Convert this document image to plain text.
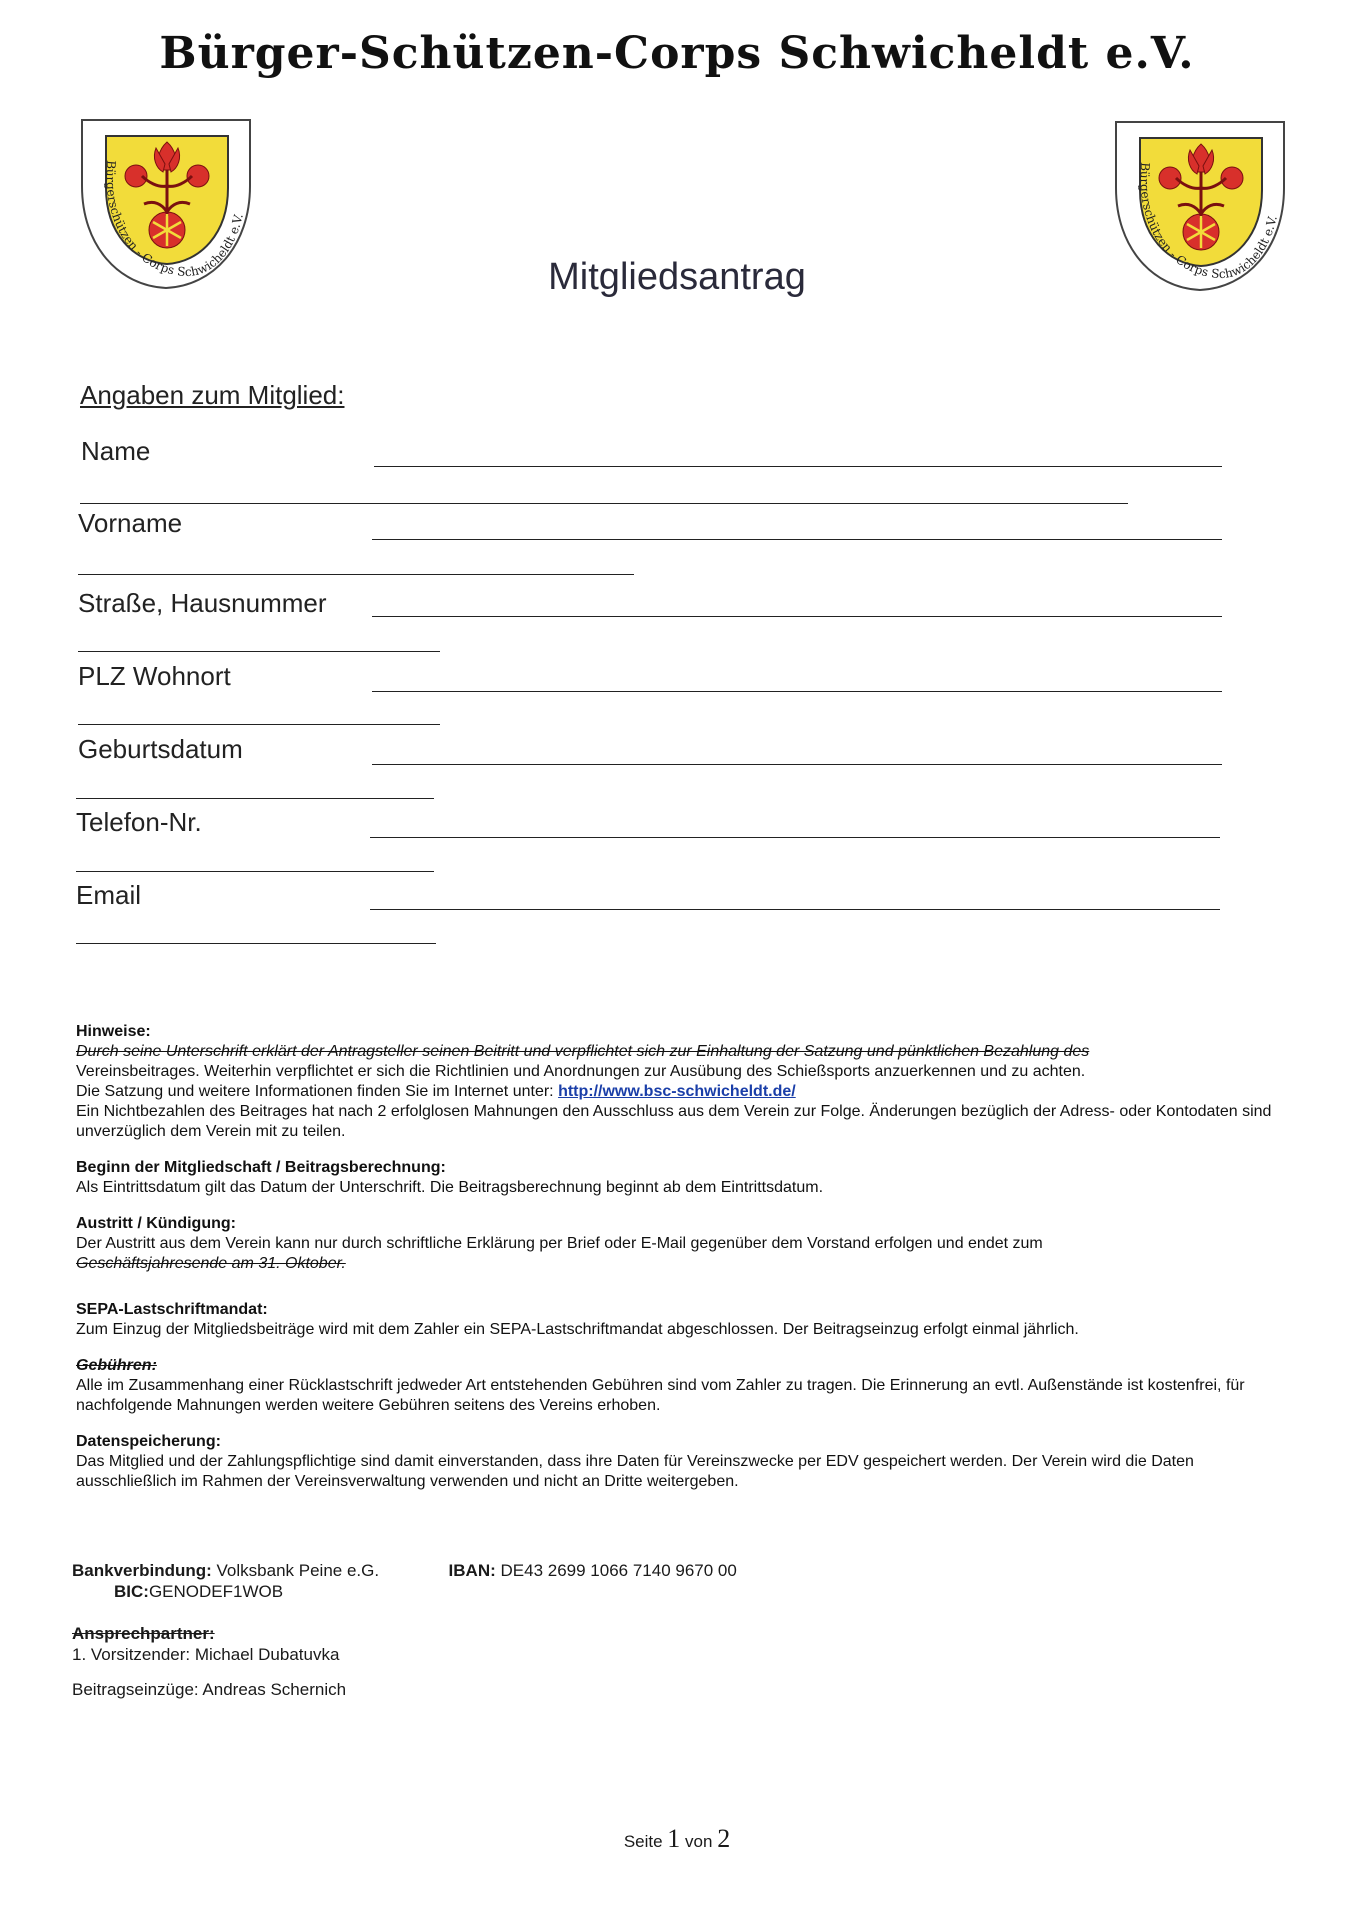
Bürger-Schützen-Corps Schwicheldt e.V.
Bürgerschützen - Corps Schwicheldt e.V.
Bürgerschützen - Corps Schwicheldt e.V.
Mitgliedsantrag
Angaben zum Mitglied:
Name
Vorname
Straße, Hausnummer
PLZ Wohnort
Geburtsdatum
Telefon-Nr.
Email
Hinweise:
Durch seine Unterschrift erklärt der Antragsteller seinen Beitritt und verpflichtet sich zur Einhaltung der Satzung und pünktlichen Bezahlung des
Vereinsbeitrages. Weiterhin verpflichtet er sich die Richtlinien und Anordnungen zur Ausübung des Schießsports anzuerkennen und zu achten.
Die Satzung und weitere Informationen finden Sie im Internet unter: http://www.bsc-schwicheldt.de/
Ein Nichtbezahlen des Beitrages hat nach 2 erfolglosen Mahnungen den Ausschluss aus dem Verein zur Folge. Änderungen bezüglich der Adress- oder Kontodaten sind unverzüglich dem Verein mit zu teilen.
Beginn der Mitgliedschaft / Beitragsberechnung:
Als Eintrittsdatum gilt das Datum der Unterschrift. Die Beitragsberechnung beginnt ab dem Eintrittsdatum.
Austritt / Kündigung:
Der Austritt aus dem Verein kann nur durch schriftliche Erklärung per Brief oder E-Mail gegenüber dem Vorstand erfolgen und endet zum
Geschäftsjahresende am 31. Oktober.
SEPA-Lastschriftmandat:
Zum Einzug der Mitgliedsbeiträge wird mit dem Zahler ein SEPA-Lastschriftmandat abgeschlossen. Der Beitragseinzug erfolgt einmal jährlich.
Gebühren:
Alle im Zusammenhang einer Rücklastschrift jedweder Art entstehenden Gebühren sind vom Zahler zu tragen. Die Erinnerung an evtl. Außenstände ist kostenfrei, für nachfolgende Mahnungen werden weitere Gebühren seitens des Vereins erhoben.
Datenspeicherung:
Das Mitglied und der Zahlungspflichtige sind damit einverstanden, dass ihre Daten für Vereinszwecke per EDV gespeichert werden. Der Verein wird die Daten ausschließlich im Rahmen der Vereinsverwaltung verwenden und nicht an Dritte weitergeben.
Bankverbindung: Volksbank Peine e.G.	IBAN: DE43 2699 1066 7140 9670 00
BIC:GENODEF1WOB
Ansprechpartner:
1. Vorsitzender: Michael Dubatuvka
Beitragseinzüge: Andreas Schernich
Seite 1 von 2
